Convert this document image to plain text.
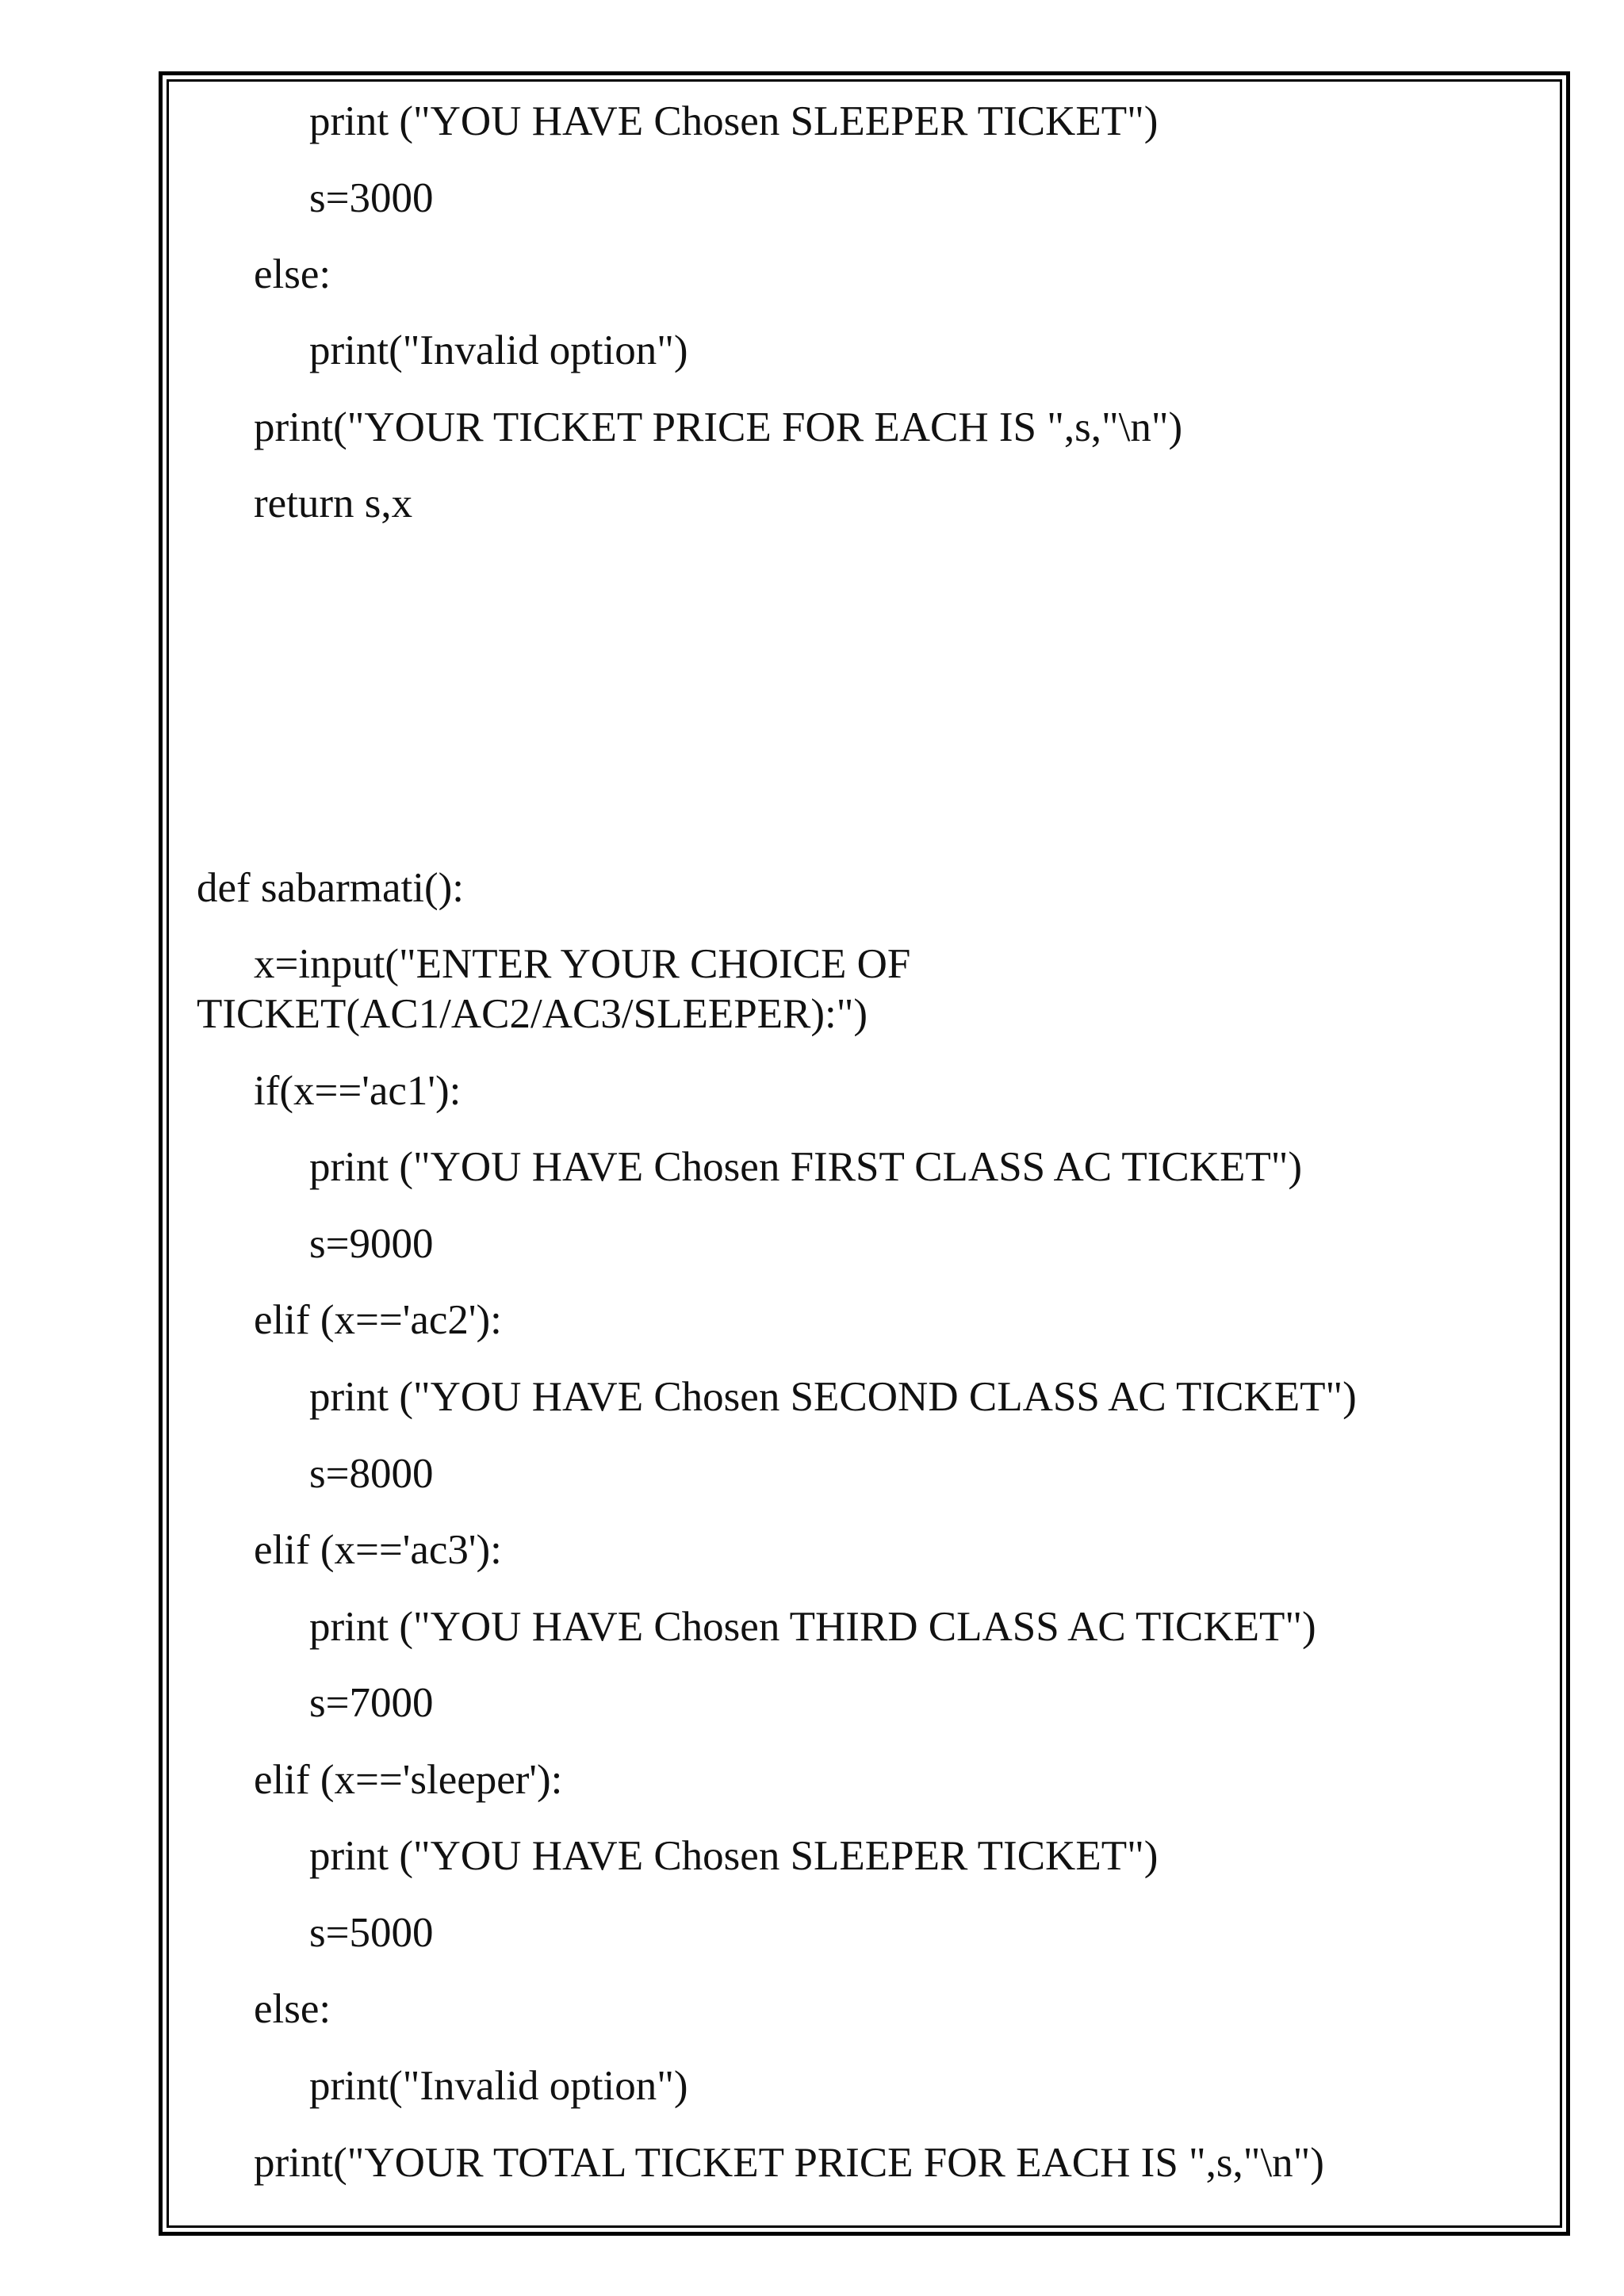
print ("YOU HAVE Chosen SLEEPER TICKET")
s=3000
else:
print("Invalid option")
print("YOUR TICKET PRICE FOR EACH IS ",s,"\n")
return s,x
def sabarmati():
x=input("ENTER YOUR CHOICE OF
TICKET(AC1/AC2/AC3/SLEEPER):")
if(x=='ac1'):
print ("YOU HAVE Chosen FIRST CLASS AC TICKET")
s=9000
elif (x=='ac2'):
print ("YOU HAVE Chosen SECOND CLASS AC TICKET")
s=8000
elif (x=='ac3'):
print ("YOU HAVE Chosen THIRD CLASS AC TICKET")
s=7000
elif (x=='sleeper'):
print ("YOU HAVE Chosen SLEEPER TICKET")
s=5000
else:
print("Invalid option")
print("YOUR TOTAL TICKET PRICE FOR EACH IS ",s,"\n")
